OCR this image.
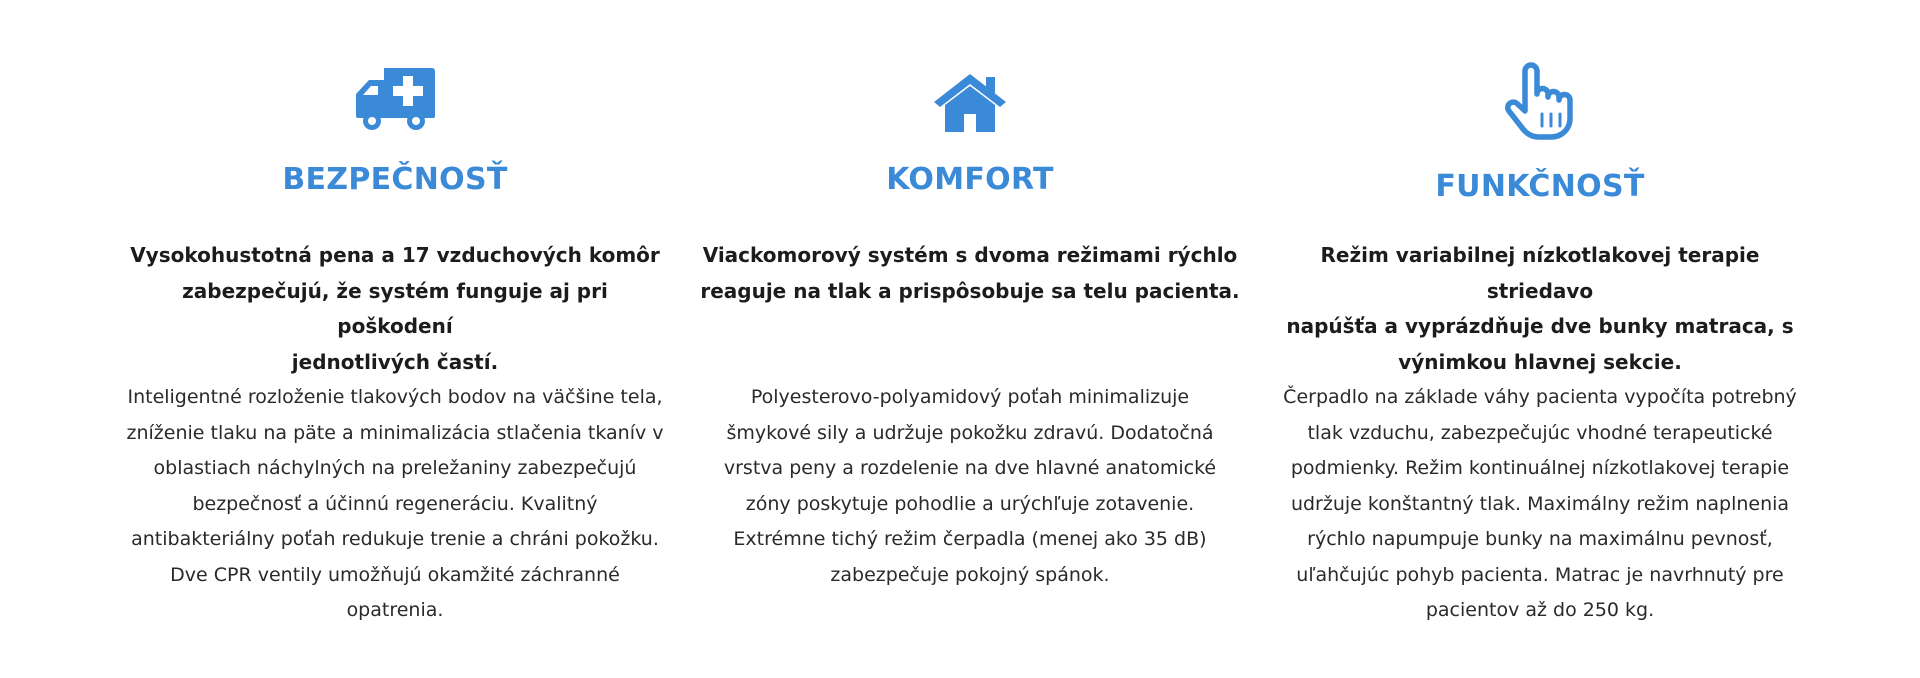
BEZPEČNOSŤ

Vysokohustotná pena a 17 vzduchových komôr
zabezpečujú, že systém funguje aj pri poškodení
jednotlivých častí.

Inteligentné rozloženie tlakových bodov na väčšine tela,
zníženie tlaku na päte a minimalizácia stlačenia tkanív v
oblastiach náchylných na preležaniny zabezpečujú
bezpečnosť a účinnú regeneráciu. Kvalitný
antibakteriálny poťah redukuje trenie a chráni pokožku.
Dve CPR ventily umožňujú okamžité záchranné
opatrenia.

KOMFORT

Viackomorový systém s dvoma režimami rýchlo
reaguje na tlak a prispôsobuje sa telu pacienta.

Polyesterovo-polyamidový poťah minimalizuje
šmykové sily a udržuje pokožku zdravú. Dodatočná
vrstva peny a rozdelenie na dve hlavné anatomické
zóny poskytuje pohodlie a urýchľuje zotavenie.
Extrémne tichý režim čerpadla (menej ako 35 dB)
zabezpečuje pokojný spánok.

FUNKČNOSŤ

Režim variabilnej nízkotlakovej terapie striedavo
napúšťa a vyprázdňuje dve bunky matraca, s
výnimkou hlavnej sekcie.

Čerpadlo na základe váhy pacienta vypočíta potrebný
tlak vzduchu, zabezpečujúc vhodné terapeutické
podmienky. Režim kontinuálnej nízkotlakovej terapie
udržuje konštantný tlak. Maximálny režim naplnenia
rýchlo napumpuje bunky na maximálnu pevnosť,
uľahčujúc pohyb pacienta. Matrac je navrhnutý pre
pacientov až do 250 kg.
